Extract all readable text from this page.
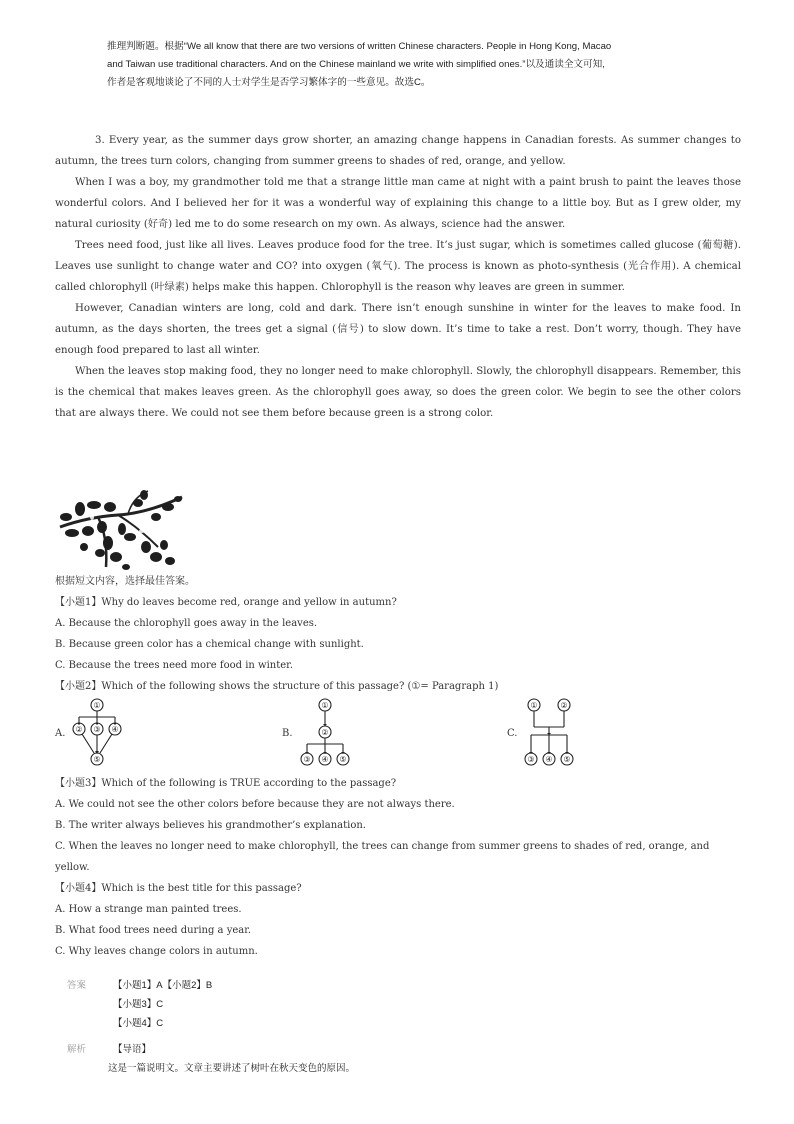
推理判断题。根据“We all know that there are two versions of written Chinese characters. People in Hong Kong, Macao
and Taiwan use traditional characters. And on the Chinese mainland we write with simplified ones.”以及通读全文可知,
作者是客观地谈论了不同的人士对学生是否学习繁体字的一些意见。故选C。

3. Every year, as the summer days grow shorter, an amazing change happens in Canadian forests. As summer changes to autumn, the trees turn colors, changing from summer greens to shades of red, orange, and yellow.

When I was a boy, my grandmother told me that a strange little man came at night with a paint brush to paint the leaves those wonderful colors. And I believed her for it was a wonderful way of explaining this change to a little boy. But as I grew older, my natural curiosity (好奇) led me to do some research on my own. As always, science had the answer.

Trees need food, just like all lives. Leaves produce food for the tree. It’s just sugar, which is sometimes called glucose (葡萄糖). Leaves use sunlight to change water and CO? into oxygen (氧气). The process is known as photo-synthesis (光合作用). A chemical called chlorophyll (叶绿素) helps make this happen. Chlorophyll is the reason why leaves are green in summer.

However, Canadian winters are long, cold and dark. There isn’t enough sunshine in winter for the leaves to make food. In autumn, as the days shorten, the trees get a signal (信号) to slow down. It’s time to take a rest. Don’t worry, though. They have enough food prepared to last all winter.

When the leaves stop making food, they no longer need to make chlorophyll. Slowly, the chlorophyll disappears. Remember, this is the chemical that makes leaves green. As the chlorophyll goes away, so does the green color. We begin to see the other colors that are always there. We could not see them before because green is a strong color.

根据短文内容，选择最佳答案。
【小题1】Why do leaves become red, orange and yellow in autumn?
A. Because the chlorophyll goes away in the leaves.
B. Because green color has a chemical change with sunlight.
C. Because the trees need more food in winter.
【小题2】Which of the following shows the structure of this passage? (①= Paragraph 1)
A.
①
② ③ ④
⑤
B.
①
②
③ ④ ⑤
C.
①	②
③ ④ ⑤
【小题3】Which of the following is TRUE according to the passage?
A. We could not see the other colors before because they are not always there.
B. The writer always believes his grandmother’s explanation.
C. When the leaves no longer need to make chlorophyll, the trees can change from summer greens to shades of red, orange, and yellow.
【小题4】Which is the best title for this passage?
A. How a strange man painted trees.
B. What food trees need during a year.
C. Why leaves change colors in autumn.
答案	【小题1】A【小题2】B
【小题3】C
【小题4】C
解析	【导语】
这是一篇说明文。文章主要讲述了树叶在秋天变色的原因。
